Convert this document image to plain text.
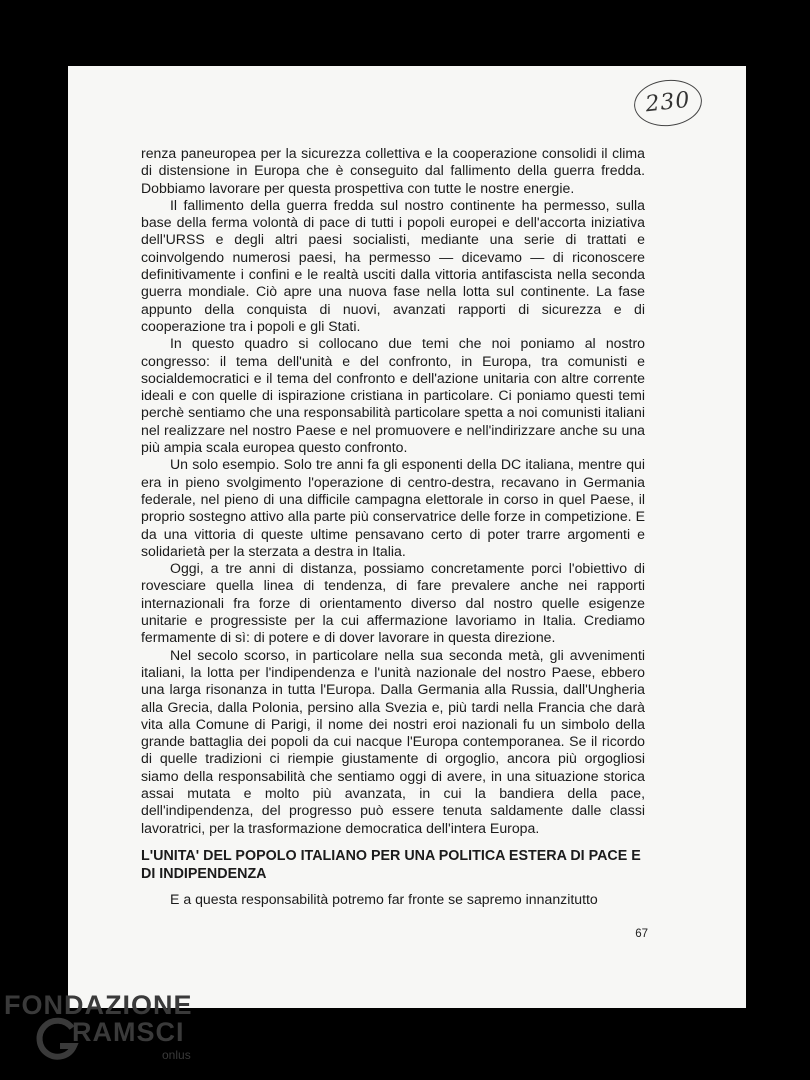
230

renza paneuropea per la sicurezza collettiva e la cooperazione consolidi il clima di distensione in Europa che è conseguito dal fallimento della guerra fredda. Dobbiamo lavorare per questa prospettiva con tutte le nostre energie.

Il fallimento della guerra fredda sul nostro continente ha permesso, sulla base della ferma volontà di pace di tutti i popoli europei e dell'accorta iniziativa dell'URSS e degli altri paesi socialisti, mediante una serie di trattati e coinvolgendo numerosi paesi, ha permesso — dicevamo — di riconoscere definitivamente i confini e le realtà usciti dalla vittoria antifascista nella seconda guerra mondiale. Ciò apre una nuova fase nella lotta sul continente. La fase appunto della conquista di nuovi, avanzati rapporti di sicurezza e di cooperazione tra i popoli e gli Stati.

In questo quadro si collocano due temi che noi poniamo al nostro congresso: il tema dell'unità e del confronto, in Europa, tra comunisti e socialdemocratici e il tema del confronto e dell'azione unitaria con altre corrente ideali e con quelle di ispirazione cristiana in particolare. Ci poniamo questi temi perchè sentiamo che una responsabilità particolare spetta a noi comunisti italiani nel realizzare nel nostro Paese e nel promuovere e nell'indirizzare anche su una più ampia scala europea questo confronto.

Un solo esempio. Solo tre anni fa gli esponenti della DC italiana, mentre qui era in pieno svolgimento l'operazione di centro-destra, recavano in Germania federale, nel pieno di una difficile campagna elettorale in corso in quel Paese, il proprio sostegno attivo alla parte più conservatrice delle forze in competizione. E da una vittoria di queste ultime pensavano certo di poter trarre argomenti e solidarietà per la sterzata a destra in Italia.

Oggi, a tre anni di distanza, possiamo concretamente porci l'obiettivo di rovesciare quella linea di tendenza, di fare prevalere anche nei rapporti internazionali fra forze di orientamento diverso dal nostro quelle esigenze unitarie e progressiste per la cui affermazione lavoriamo in Italia. Crediamo fermamente di sì: di potere e di dover lavorare in questa direzione.

Nel secolo scorso, in particolare nella sua seconda metà, gli avvenimenti italiani, la lotta per l'indipendenza e l'unità nazionale del nostro Paese, ebbero una larga risonanza in tutta l'Europa. Dalla Germania alla Russia, dall'Ungheria alla Grecia, dalla Polonia, persino alla Svezia e, più tardi nella Francia che darà vita alla Comune di Parigi, il nome dei nostri eroi nazionali fu un simbolo della grande battaglia dei popoli da cui nacque l'Europa contemporanea. Se il ricordo di quelle tradizioni ci riempie giustamente di orgoglio, ancora più orgogliosi siamo della responsabilità che sentiamo oggi di avere, in una situazione storica assai mutata e molto più avanzata, in cui la bandiera della pace, dell'indipendenza, del progresso può essere tenuta saldamente dalle classi lavoratrici, per la trasformazione democratica dell'intera Europa.

L'UNITA' DEL POPOLO ITALIANO PER UNA POLITICA ESTERA DI PACE E DI INDIPENDENZA
E a questa responsabilità potremo far fronte se sapremo innanzitutto
67
FONDAZIONE
RAMSCI
onlus
